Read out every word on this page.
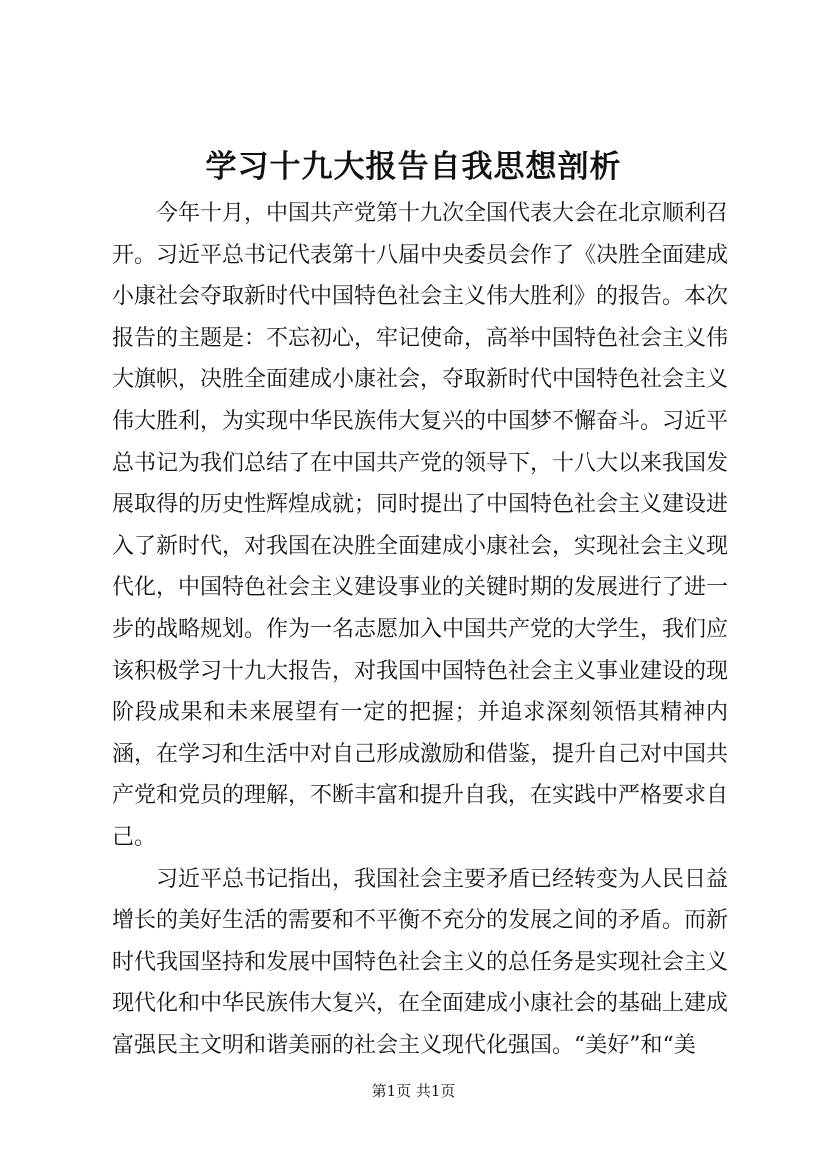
学习十九大报告自我思想剖析

今年十月，中国共产党第十九次全国代表大会在北京顺利召开。习近平总书记代表第十八届中央委员会作了《决胜全面建成小康社会夺取新时代中国特色社会主义伟大胜利》的报告。本次报告的主题是：不忘初心，牢记使命，高举中国特色社会主义伟大旗帜，决胜全面建成小康社会，夺取新时代中国特色社会主义伟大胜利，为实现中华民族伟大复兴的中国梦不懈奋斗。习近平总书记为我们总结了在中国共产党的领导下，十八大以来我国发展取得的历史性辉煌成就；同时提出了中国特色社会主义建设进入了新时代，对我国在决胜全面建成小康社会，实现社会主义现代化，中国特色社会主义建设事业的关键时期的发展进行了进一步的战略规划。作为一名志愿加入中国共产党的大学生，我们应该积极学习十九大报告，对我国中国特色社会主义事业建设的现阶段成果和未来展望有一定的把握；并追求深刻领悟其精神内涵，在学习和生活中对自己形成激励和借鉴，提升自己对中国共产党和党员的理解，不断丰富和提升自我，在实践中严格要求自己。

习近平总书记指出，我国社会主要矛盾已经转变为人民日益增长的美好生活的需要和不平衡不充分的发展之间的矛盾。而新时代我国坚持和发展中国特色社会主义的总任务是实现社会主义现代化和中华民族伟大复兴，在全面建成小康社会的基础上建成富强民主文明和谐美丽的社会主义现代化强国。“美好”和“美

第1页 共1页
